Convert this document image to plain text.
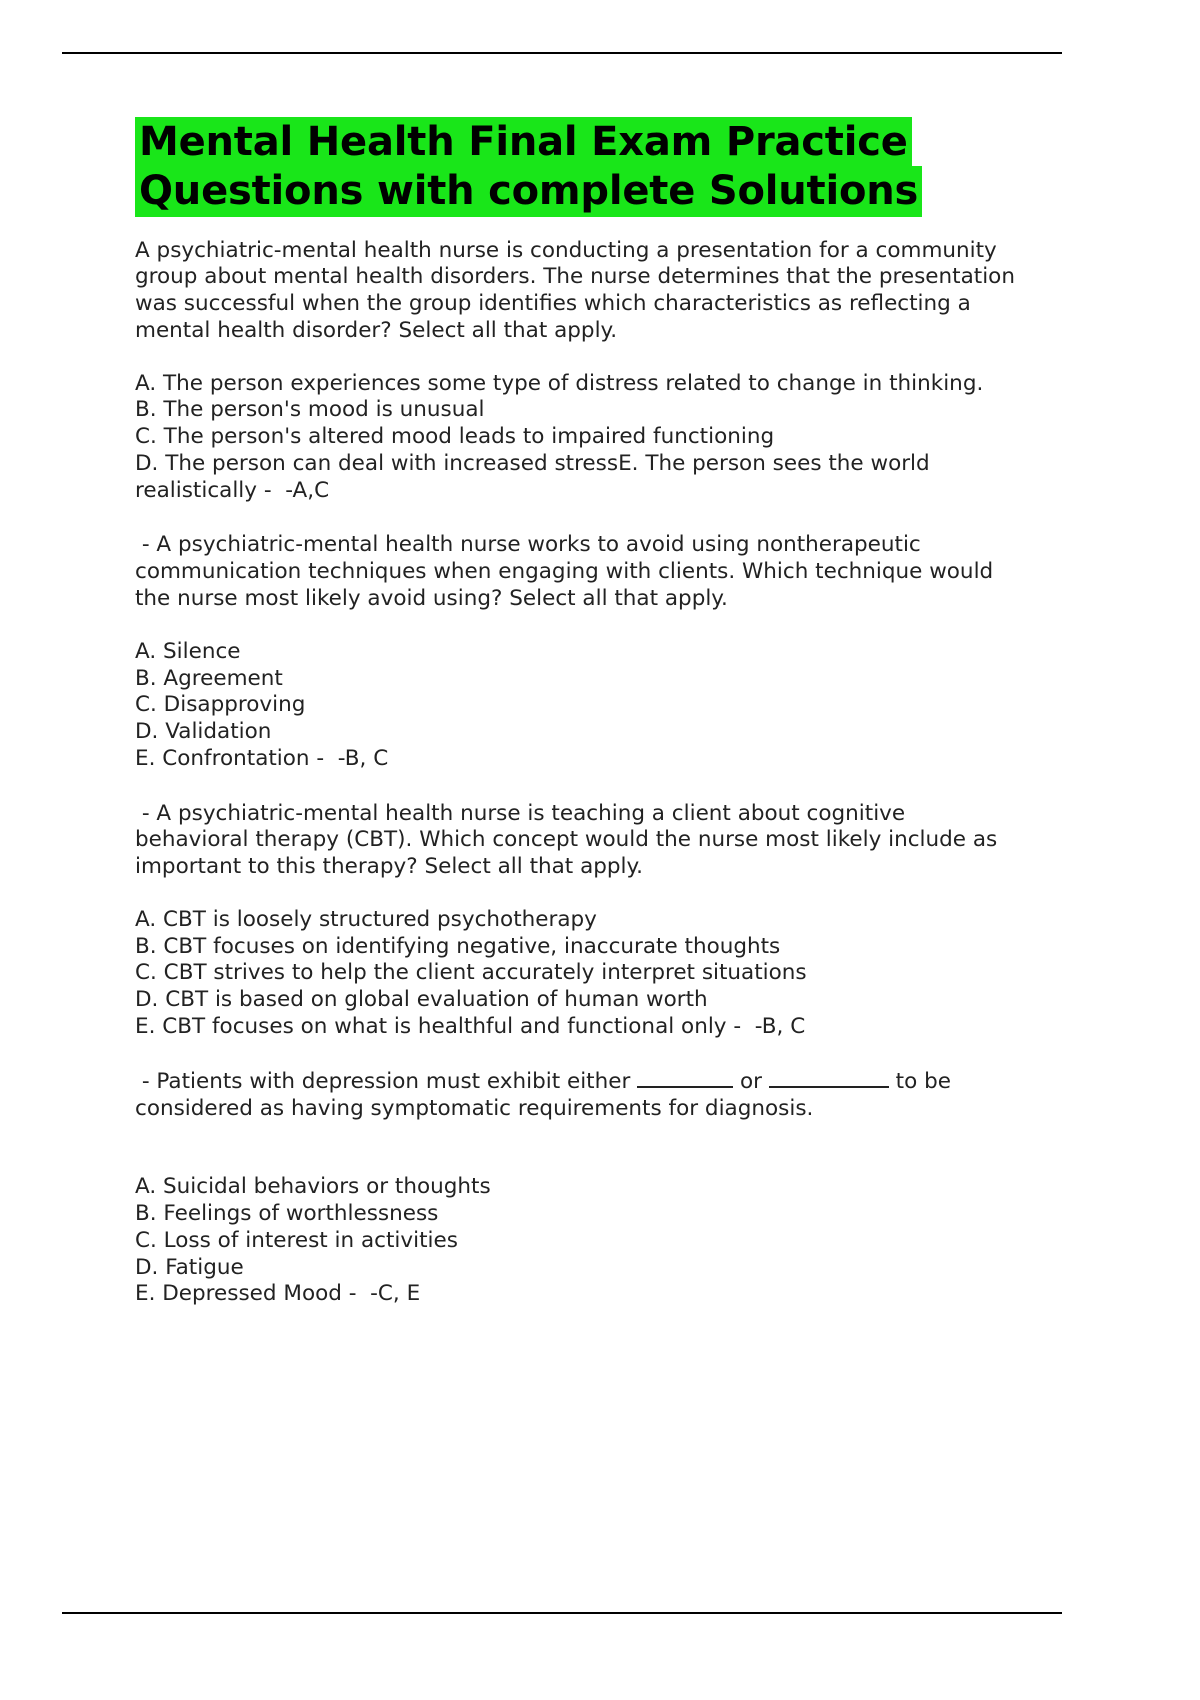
Mental Health Final Exam Practice Questions with complete Solutions

A psychiatric-mental health nurse is conducting a presentation for a community group about mental health disorders. The nurse determines that the presentation was successful when the group identifies which characteristics as reflecting a mental health disorder? Select all that apply.

A. The person experiences some type of distress related to change in thinking.
B. The person's mood is unusual
C. The person's altered mood leads to impaired functioning
D. The person can deal with increased stressE. The person sees the world realistically -  -A,C

- A psychiatric-mental health nurse works to avoid using nontherapeutic communication techniques when engaging with clients. Which technique would the nurse most likely avoid using? Select all that apply.

A. Silence
B. Agreement
C. Disapproving
D. Validation
E. Confrontation -  -B, C

- A psychiatric-mental health nurse is teaching a client about cognitive behavioral therapy (CBT). Which concept would the nurse most likely include as important to this therapy? Select all that apply.

A. CBT is loosely structured psychotherapy
B. CBT focuses on identifying negative, inaccurate thoughts
C. CBT strives to help the client accurately interpret situations
D. CBT is based on global evaluation of human worth
E. CBT focuses on what is healthful and functional only -  -B, C

- Patients with depression must exhibit either	or	to be considered as having symptomatic requirements for diagnosis.

A. Suicidal behaviors or thoughts
B. Feelings of worthlessness
C. Loss of interest in activities
D. Fatigue
E. Depressed Mood -  -C, E
